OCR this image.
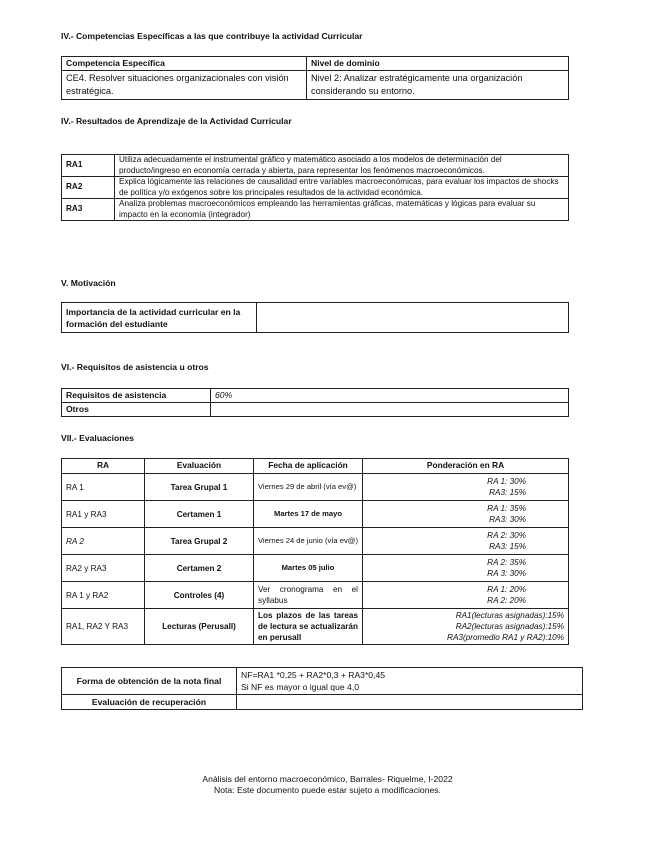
IV.- Competencias Específicas a las que contribuye la actividad Curricular
Competencia Específica	Nivel de dominio
CE4. Resolver situaciones organizacionales con visión estratégica.	Nivel 2: Analizar estratégicamente una organización considerando su entorno.
IV.- Resultados de Aprendizaje de la Actividad Curricular
RA1	Utiliza adecuadamente el instrumental gráfico y matemático asociado a los modelos de determinación del producto/ingreso en economía cerrada y abierta, para representar los fenómenos macroeconómicos.
RA2	Explica lógicamente las relaciones de causalidad entre variables macroeconómicas, para evaluar los impactos de shocks de política y/o exógenos sobre los principales resultados de la actividad económica.
RA3	Analiza problemas macroeconómicos empleando las herramientas gráficas, matemáticas y lógicas para evaluar su impacto en la economía (integrador)
V. Motivación
Importancia de la actividad curricular en la formación del estudiante	
VI.- Requisitos de asistencia u otros
Requisitos de asistencia	60%
Otros	
VII.- Evaluaciones
RA	Evaluación	Fecha de aplicación	Ponderación en RA
RA 1	Tarea Grupal 1	Viernes 29 de abril (vía ev@)	RA 1: 30%
RA3: 15%

RA1 y RA3	Certamen 1	Martes 17 de mayo	RA 1: 35%
RA3: 30%

RA 2	Tarea Grupal 2	Viernes 24 de junio (vía ev@)	RA 2: 30%
RA3: 15%

RA2 y RA3	Certamen 2	Martes 05 julio	RA 2: 35%
RA 3: 30%

RA 1 y RA2	Controles (4)	Ver cronograma en el syllabus	RA 1: 20%
RA 2: 20%

RA1, RA2 Y RA3	Lecturas (Perusall)	Los plazos de las tareas de lectura se actualizarán en perusall	RA1(lecturas asignadas):15%
RA2(lecturas asignadas):15%
RA3(promedio RA1 y RA2):10%
Forma de obtención de la nota final	NF=RA1 *0,25 + RA2*0,3 + RA3*0,45
Si NF es mayor o igual que 4,0

Evaluación de recuperación	
Análisis del entorno macroeconómico, Barrales- Riquelme, I-2022
Nota: Este documento puede estar sujeto a modificaciones.
